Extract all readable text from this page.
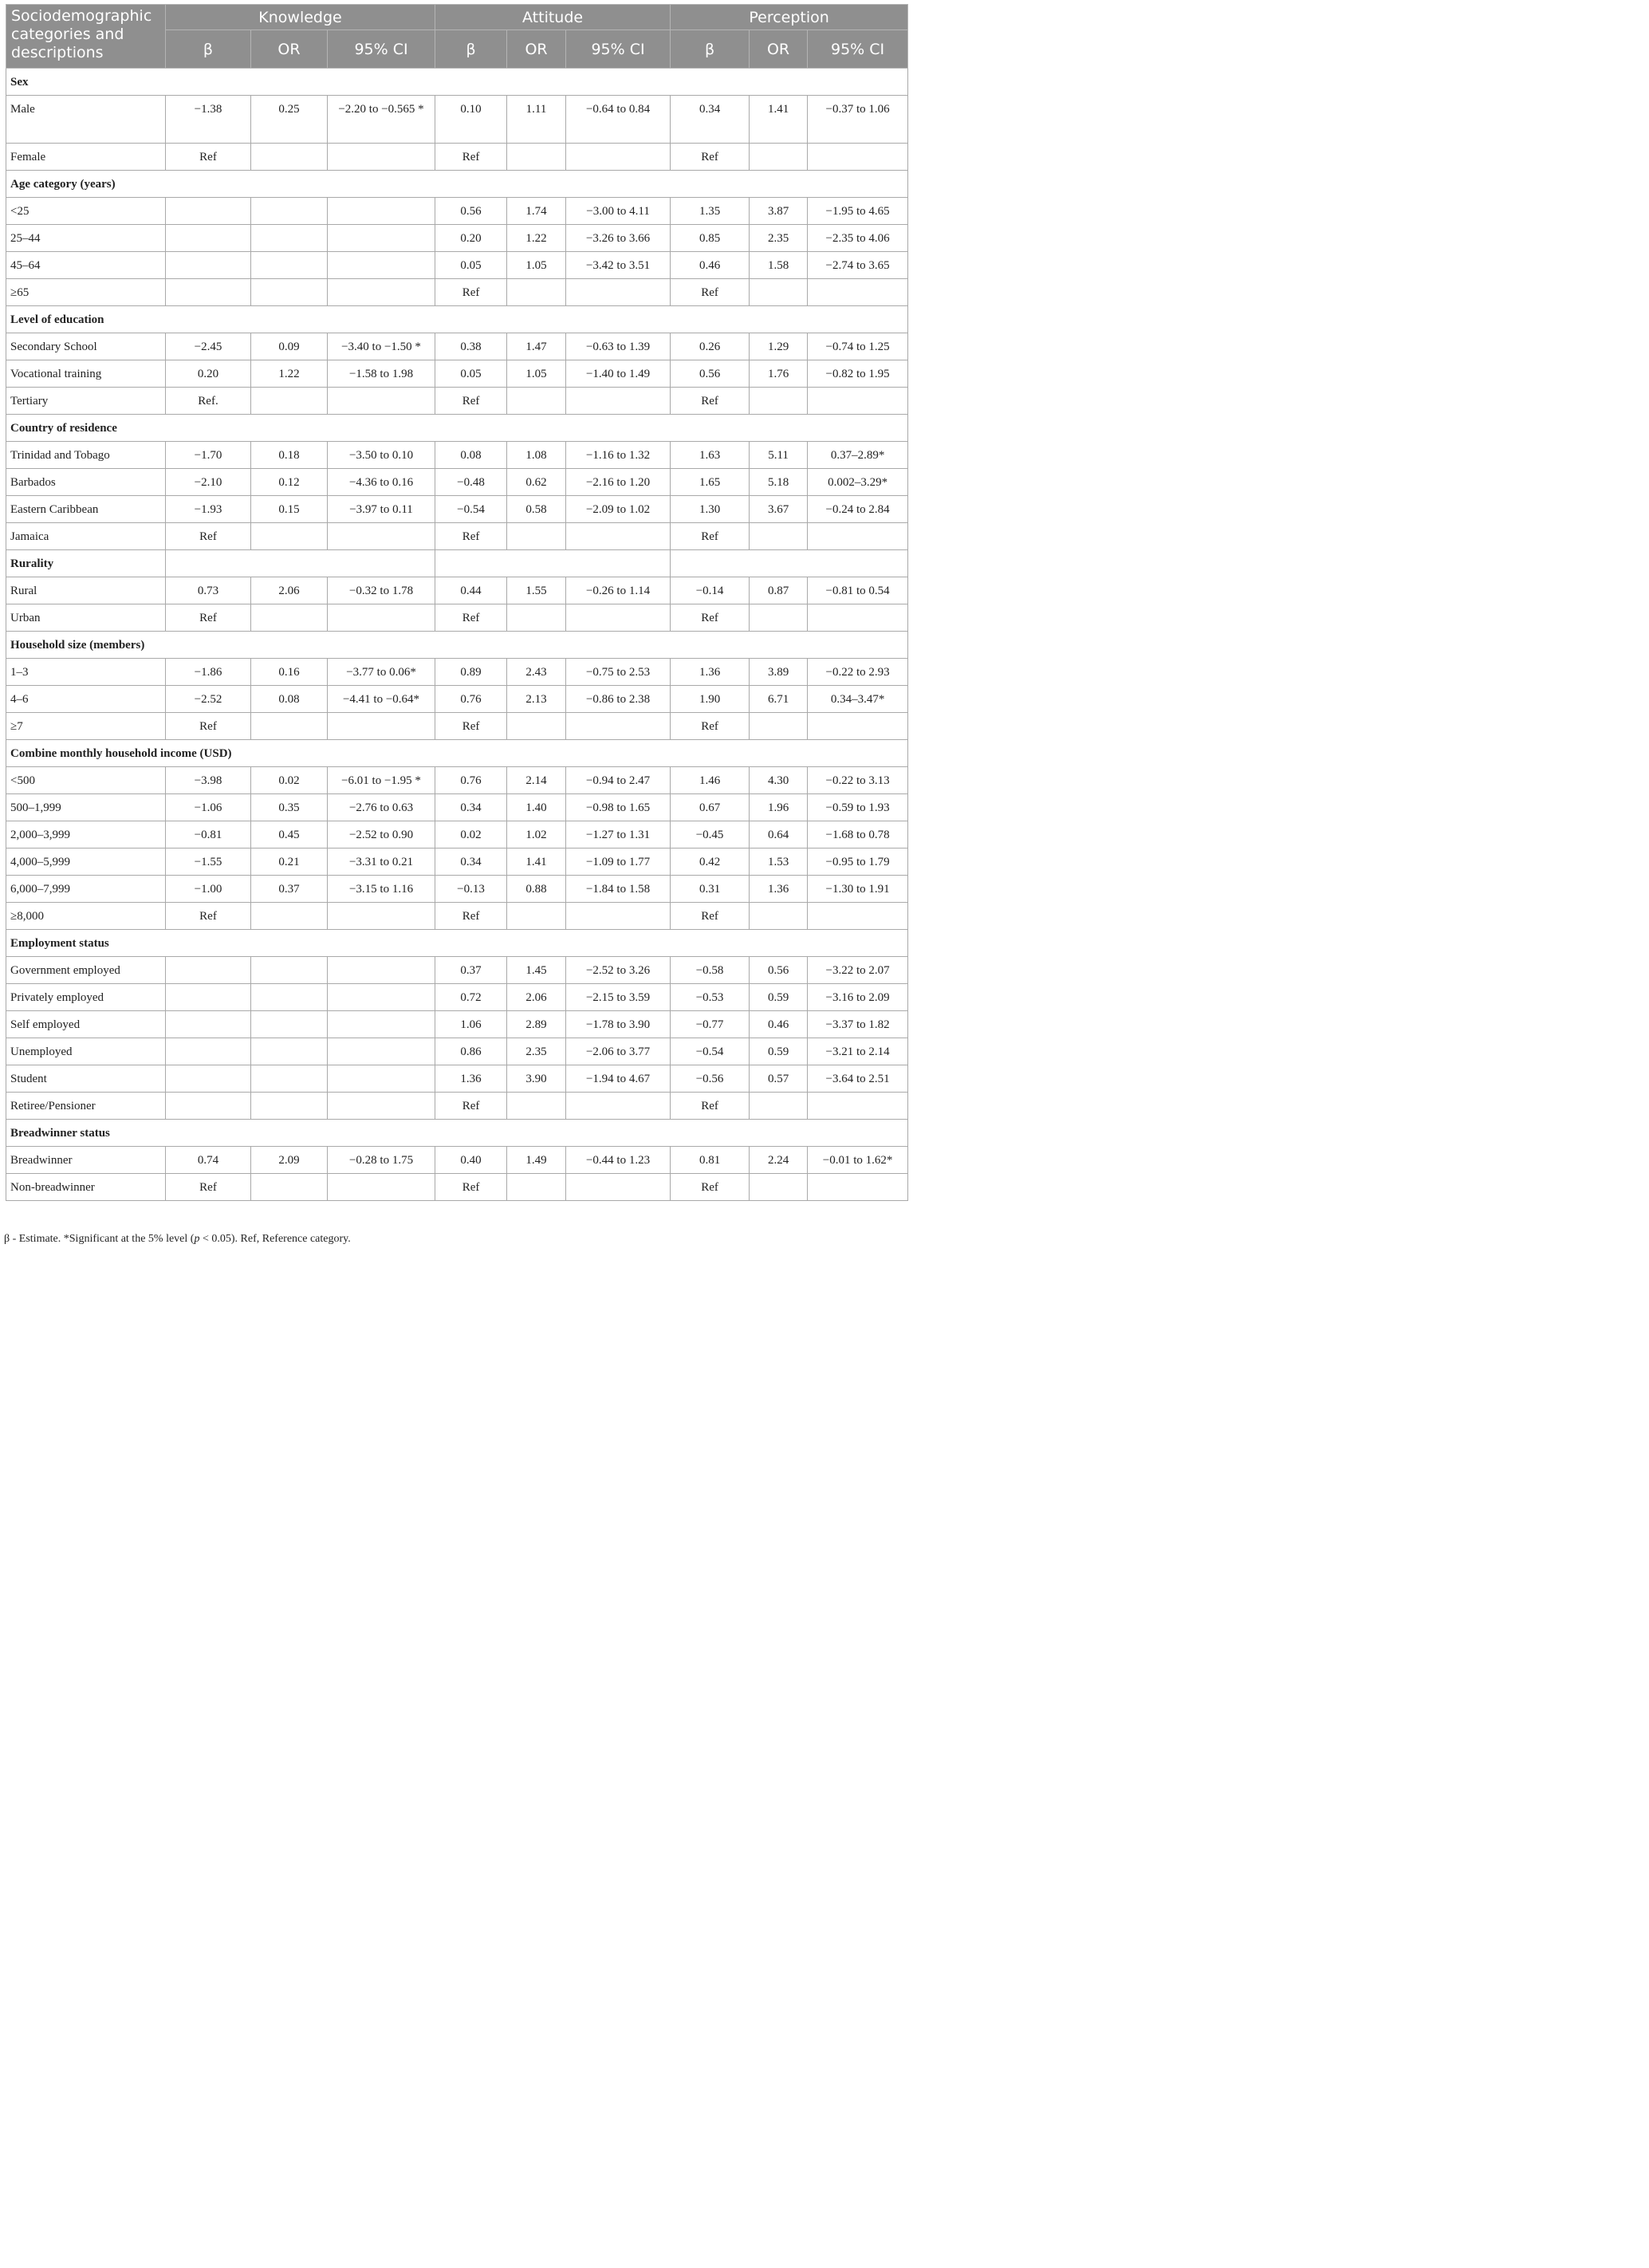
Sociodemographic categories and descriptions	Knowledge			Attitude			Perception		
	β	OR	95% CI	β	OR	95% CI	β	OR	95% CI
Sex									
Male	−1.38	0.25	−2.20 to −0.565 *	0.10	1.11	−0.64 to 0.84	0.34	1.41	−0.37 to 1.06
Female	Ref			Ref			Ref		
Age category (years)									
<25				0.56	1.74	−3.00 to 4.11	1.35	3.87	−1.95 to 4.65
25–44				0.20	1.22	−3.26 to 3.66	0.85	2.35	−2.35 to 4.06
45–64				0.05	1.05	−3.42 to 3.51	0.46	1.58	−2.74 to 3.65
≥65				Ref			Ref		
Level of education									
Secondary School	−2.45	0.09	−3.40 to −1.50 *	0.38	1.47	−0.63 to 1.39	0.26	1.29	−0.74 to 1.25
Vocational training	0.20	1.22	−1.58 to 1.98	0.05	1.05	−1.40 to 1.49	0.56	1.76	−0.82 to 1.95
Tertiary	Ref.			Ref			Ref		
Country of residence									
Trinidad and Tobago	−1.70	0.18	−3.50 to 0.10	0.08	1.08	−1.16 to 1.32	1.63	5.11	0.37–2.89*
Barbados	−2.10	0.12	−4.36 to 0.16	−0.48	0.62	−2.16 to 1.20	1.65	5.18	0.002–3.29*
Eastern Caribbean	−1.93	0.15	−3.97 to 0.11	−0.54	0.58	−2.09 to 1.02	1.30	3.67	−0.24 to 2.84
Jamaica	Ref			Ref			Ref		
Rurality									
Rural	0.73	2.06	−0.32 to 1.78	0.44	1.55	−0.26 to 1.14	−0.14	0.87	−0.81 to 0.54
Urban	Ref			Ref			Ref		
Household size (members)									
1–3	−1.86	0.16	−3.77 to 0.06*	0.89	2.43	−0.75 to 2.53	1.36	3.89	−0.22 to 2.93
4–6	−2.52	0.08	−4.41 to −0.64*	0.76	2.13	−0.86 to 2.38	1.90	6.71	0.34–3.47*
≥7	Ref			Ref			Ref		
Combine monthly household income (USD)									
<500	−3.98	0.02	−6.01 to −1.95 *	0.76	2.14	−0.94 to 2.47	1.46	4.30	−0.22 to 3.13
500–1,999	−1.06	0.35	−2.76 to 0.63	0.34	1.40	−0.98 to 1.65	0.67	1.96	−0.59 to 1.93
2,000–3,999	−0.81	0.45	−2.52 to 0.90	0.02	1.02	−1.27 to 1.31	−0.45	0.64	−1.68 to 0.78
4,000–5,999	−1.55	0.21	−3.31 to 0.21	0.34	1.41	−1.09 to 1.77	0.42	1.53	−0.95 to 1.79
6,000–7,999	−1.00	0.37	−3.15 to 1.16	−0.13	0.88	−1.84 to 1.58	0.31	1.36	−1.30 to 1.91
≥8,000	Ref			Ref			Ref		
Employment status									
Government employed				0.37	1.45	−2.52 to 3.26	−0.58	0.56	−3.22 to 2.07
Privately employed				0.72	2.06	−2.15 to 3.59	−0.53	0.59	−3.16 to 2.09
Self employed				1.06	2.89	−1.78 to 3.90	−0.77	0.46	−3.37 to 1.82
Unemployed				0.86	2.35	−2.06 to 3.77	−0.54	0.59	−3.21 to 2.14
Student				1.36	3.90	−1.94 to 4.67	−0.56	0.57	−3.64 to 2.51
Retiree/Pensioner				Ref			Ref		
Breadwinner status									
Breadwinner	0.74	2.09	−0.28 to 1.75	0.40	1.49	−0.44 to 1.23	0.81	2.24	−0.01 to 1.62*
Non-breadwinner	Ref			Ref			Ref		
β - Estimate. *Significant at the 5% level (p < 0.05). Ref, Reference category.
